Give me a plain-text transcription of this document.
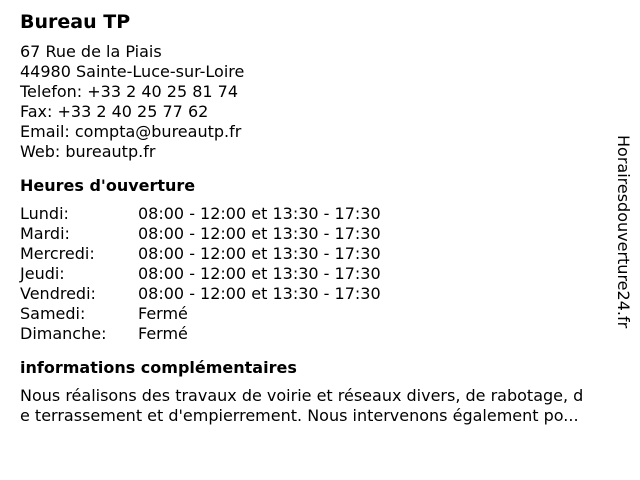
Bureau TP
67 Rue de la Piais
44980 Sainte-Luce-sur-Loire
Telefon: +33 2 40 25 81 74
Fax: +33 2 40 25 77 62
Email: compta@bureautp.fr
Web: bureautp.fr
Heures d'ouverture
Lundi:	08:00 - 12:00 et 13:30 - 17:30
Mardi:	08:00 - 12:00 et 13:30 - 17:30
Mercredi:	08:00 - 12:00 et 13:30 - 17:30
Jeudi:	08:00 - 12:00 et 13:30 - 17:30
Vendredi:	08:00 - 12:00 et 13:30 - 17:30
Samedi:	Fermé
Dimanche:	Fermé
informations complémentaires
Nous réalisons des travaux de voirie et réseaux divers, de rabotage, d
e terrassement et d'empierrement. Nous intervenons également po...
Horairesdouverture24.fr
